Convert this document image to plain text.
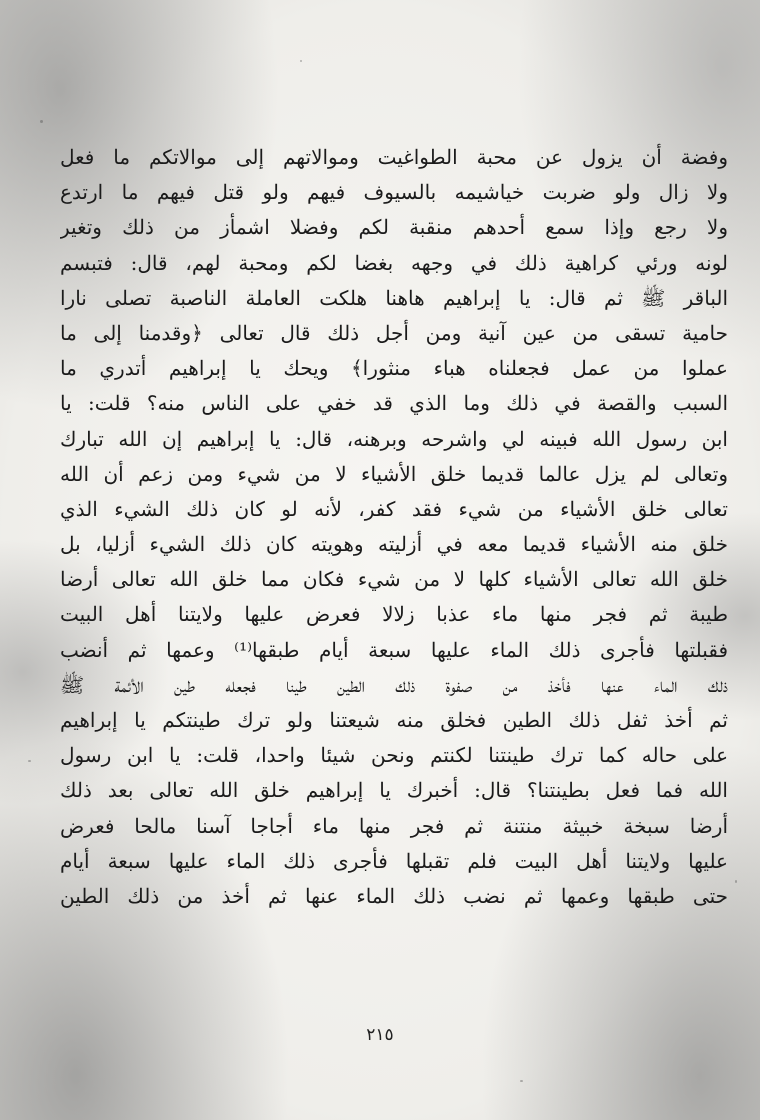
وفضة أن يزول عن محبة الطواغيت وموالاتهم إلى موالاتكم ما فعل
ولا زال ولو ضربت خياشيمه بالسيوف فيهم ولو قتل فيهم ما ارتدع
ولا رجع وإذا سمع أحدهم منقبة لكم وفضلا اشمأز من ذلك وتغير
لونه ورئي كراهية ذلك في وجهه بغضا لكم ومحبة لهم، قال: فتبسم
الباقر ﷺ ثم قال: يا إبراهيم هاهنا هلكت العاملة الناصبة تصلى نارا
حامية تسقى من عين آنية ومن أجل ذلك قال تعالى ﴿وقدمنا إلى ما
عملوا من عمل فجعلناه هباء منثورا﴾ ويحك يا إبراهيم أتدري ما
السبب والقصة في ذلك وما الذي قد خفي على الناس منه؟ قلت: يا
ابن رسول الله فبينه لي واشرحه وبرهنه، قال: يا إبراهيم إن الله تبارك
وتعالى لم يزل عالما قديما خلق الأشياء لا من شيء ومن زعم أن الله
تعالى خلق الأشياء من شيء فقد كفر، لأنه لو كان ذلك الشيء الذي
خلق منه الأشياء قديما معه في أزليته وهويته كان ذلك الشيء أزليا، بل
خلق الله تعالى الأشياء كلها لا من شيء فكان مما خلق الله تعالى أرضا
طيبة ثم فجر منها ماء عذبا زلالا فعرض عليها ولايتنا أهل البيت
فقبلتها فأجرى ذلك الماء عليها سبعة أيام طبقها⁽¹⁾ وعمها ثم أنضب
ذلك الماء عنها فأخذ من صفوة ذلك الطين طينا فجعله طين الأئمة ﷺ
ثم أخذ ثفل ذلك الطين فخلق منه شيعتنا ولو ترك طينتكم يا إبراهيم
على حاله كما ترك طينتنا لكنتم ونحن شيئا واحدا، قلت: يا ابن رسول
الله فما فعل بطينتنا؟ قال: أخبرك يا إبراهيم خلق الله تعالى بعد ذلك
أرضا سبخة خبيثة منتنة ثم فجر منها ماء أجاجا آسنا مالحا فعرض
عليها ولايتنا أهل البيت فلم تقبلها فأجرى ذلك الماء عليها سبعة أيام
حتى طبقها وعمها ثم نضب ذلك الماء عنها ثم أخذ من ذلك الطين
٢١٥
